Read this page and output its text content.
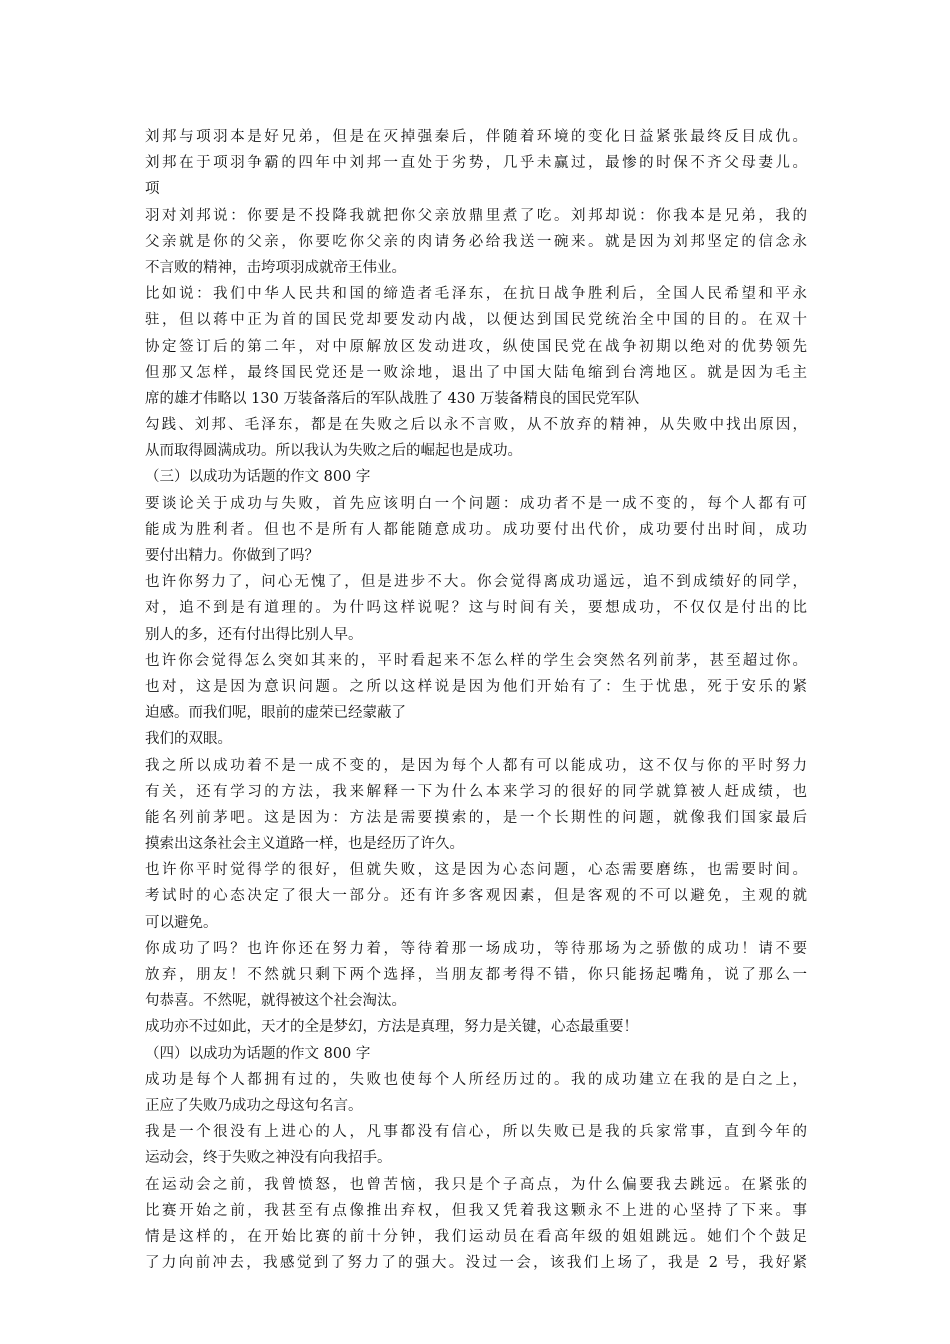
刘邦与项羽本是好兄弟，但是在灭掉强秦后，伴随着环境的变化日益紧张最终反目成仇。
刘邦在于项羽争霸的四年中刘邦一直处于劣势，几乎未赢过，最惨的时保不齐父母妻儿。
项
羽对刘邦说：你要是不投降我就把你父亲放鼎里煮了吃。刘邦却说：你我本是兄弟，我的
父亲就是你的父亲，你要吃你父亲的肉请务必给我送一碗来。就是因为刘邦坚定的信念永
不言败的精神，击垮项羽成就帝王伟业。
比如说：我们中华人民共和国的缔造者毛泽东，在抗日战争胜利后，全国人民希望和平永
驻，但以蒋中正为首的国民党却要发动内战，以便达到国民党统治全中国的目的。在双十
协定签订后的第二年，对中原解放区发动进攻，纵使国民党在战争初期以绝对的优势领先
但那又怎样，最终国民党还是一败涂地，退出了中国大陆龟缩到台湾地区。就是因为毛主
席的雄才伟略以 130 万装备落后的军队战胜了 430 万装备精良的国民党军队
勾践、刘邦、毛泽东，都是在失败之后以永不言败，从不放弃的精神，从失败中找出原因，
从而取得圆满成功。所以我认为失败之后的崛起也是成功。
（三）以成功为话题的作文 800 字
要谈论关于成功与失败，首先应该明白一个问题：成功者不是一成不变的，每个人都有可
能成为胜利者。但也不是所有人都能随意成功。成功要付出代价，成功要付出时间，成功
要付出精力。你做到了吗？
也许你努力了，问心无愧了，但是进步不大。你会觉得离成功遥远，追不到成绩好的同学，
对，追不到是有道理的。为什吗这样说呢？这与时间有关，要想成功，不仅仅是付出的比
别人的多，还有付出得比别人早。
也许你会觉得怎么突如其来的，平时看起来不怎么样的学生会突然名列前茅，甚至超过你。
也对，这是因为意识问题。之所以这样说是因为他们开始有了：生于忧患，死于安乐的紧
迫感。而我们呢，眼前的虚荣已经蒙蔽了
我们的双眼。
我之所以成功着不是一成不变的，是因为每个人都有可以能成功，这不仅与你的平时努力
有关，还有学习的方法，我来解释一下为什么本来学习的很好的同学就算被人赶成绩，也
能名列前茅吧。这是因为：方法是需要摸索的，是一个长期性的问题，就像我们国家最后
摸索出这条社会主义道路一样，也是经历了许久。
也许你平时觉得学的很好，但就失败，这是因为心态问题，心态需要磨练，也需要时间。
考试时的心态决定了很大一部分。还有许多客观因素，但是客观的不可以避免，主观的就
可以避免。
你成功了吗？也许你还在努力着，等待着那一场成功，等待那场为之骄傲的成功！请不要
放弃，朋友！不然就只剩下两个选择，当朋友都考得不错，你只能扬起嘴角，说了那么一
句恭喜。不然呢，就得被这个社会淘汰。
成功亦不过如此，天才的全是梦幻，方法是真理，努力是关键，心态最重要！
（四）以成功为话题的作文 800 字
成功是每个人都拥有过的，失败也使每个人所经历过的。我的成功建立在我的是白之上，
正应了失败乃成功之母这句名言。
我是一个很没有上进心的人，凡事都没有信心，所以失败已是我的兵家常事，直到今年的
运动会，终于失败之神没有向我招手。
在运动会之前，我曾愤怒，也曾苦恼，我只是个子高点，为什么偏要我去跳远。在紧张的
比赛开始之前，我甚至有点像推出弃权，但我又凭着我这颗永不上进的心坚持了下来。事
情是这样的，在开始比赛的前十分钟，我们运动员在看高年级的姐姐跳远。她们个个鼓足
了力向前冲去，我感觉到了努力了的强大。没过一会，该我们上场了，我是 2 号，我好紧
